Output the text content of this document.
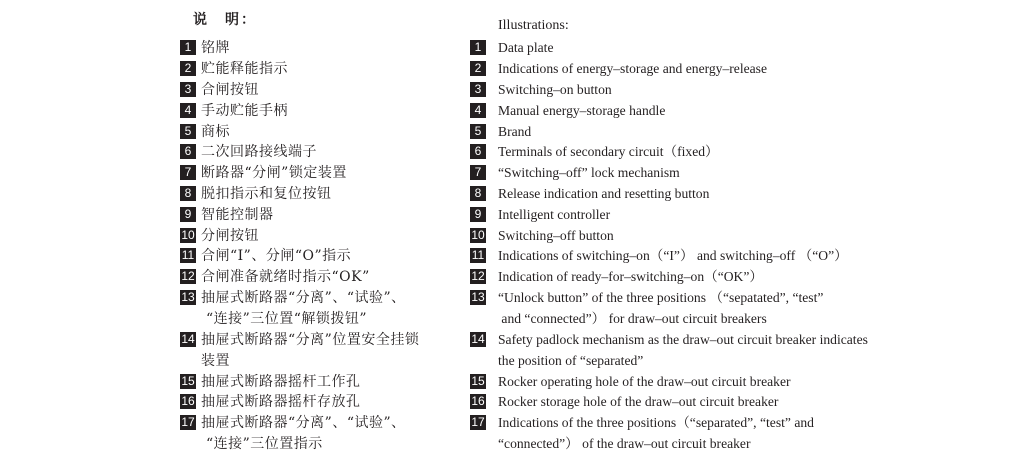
说　明：
1 铭牌
2 贮能释能指示
3 合闸按钮
4 手动贮能手柄
5 商标
6 二次回路接线端子
7 断路器“分闸”锁定装置
8 脱扣指示和复位按钮
9 智能控制器
10 分闸按钮
11 合闸“I”、分闸“O”指示
12 合闸准备就绪时指示“OK”
13 抽屉式断路器“分离”、“试验”、
“连接”三位置“解锁拨钮”
14 抽屉式断路器“分离”位置安全挂锁
装置
15 抽屉式断路器摇杆工作孔
16 抽屉式断路器摇杆存放孔
17 抽屉式断路器“分离”、“试验”、
“连接”三位置指示
Illustrations:
1	Data plate
2	Indications of energy–storage and energy–release
3	Switching–on button
4	Manual energy–storage handle
5	Brand
6	Terminals of secondary circuit（fixed）
7	“Switching–off” lock mechanism
8	Release indication and resetting button
9	Intelligent controller
10 Switching–off button
11 Indications of switching–on（“I”） and switching–off （“O”）
12 Indication of ready–for–switching–on（“OK”）
13 “Unlock button” of the three positions （“sepatated”, “test”
and “connected”） for draw–out circuit breakers
14 Safety padlock mechanism as the draw–out circuit breaker indicates
the position of “separated”
15 Rocker operating hole of the draw–out circuit breaker
16 Rocker storage hole of the draw–out circuit breaker
17 Indications of the three positions（“separated”, “test” and
“connected”） of the draw–out circuit breaker
